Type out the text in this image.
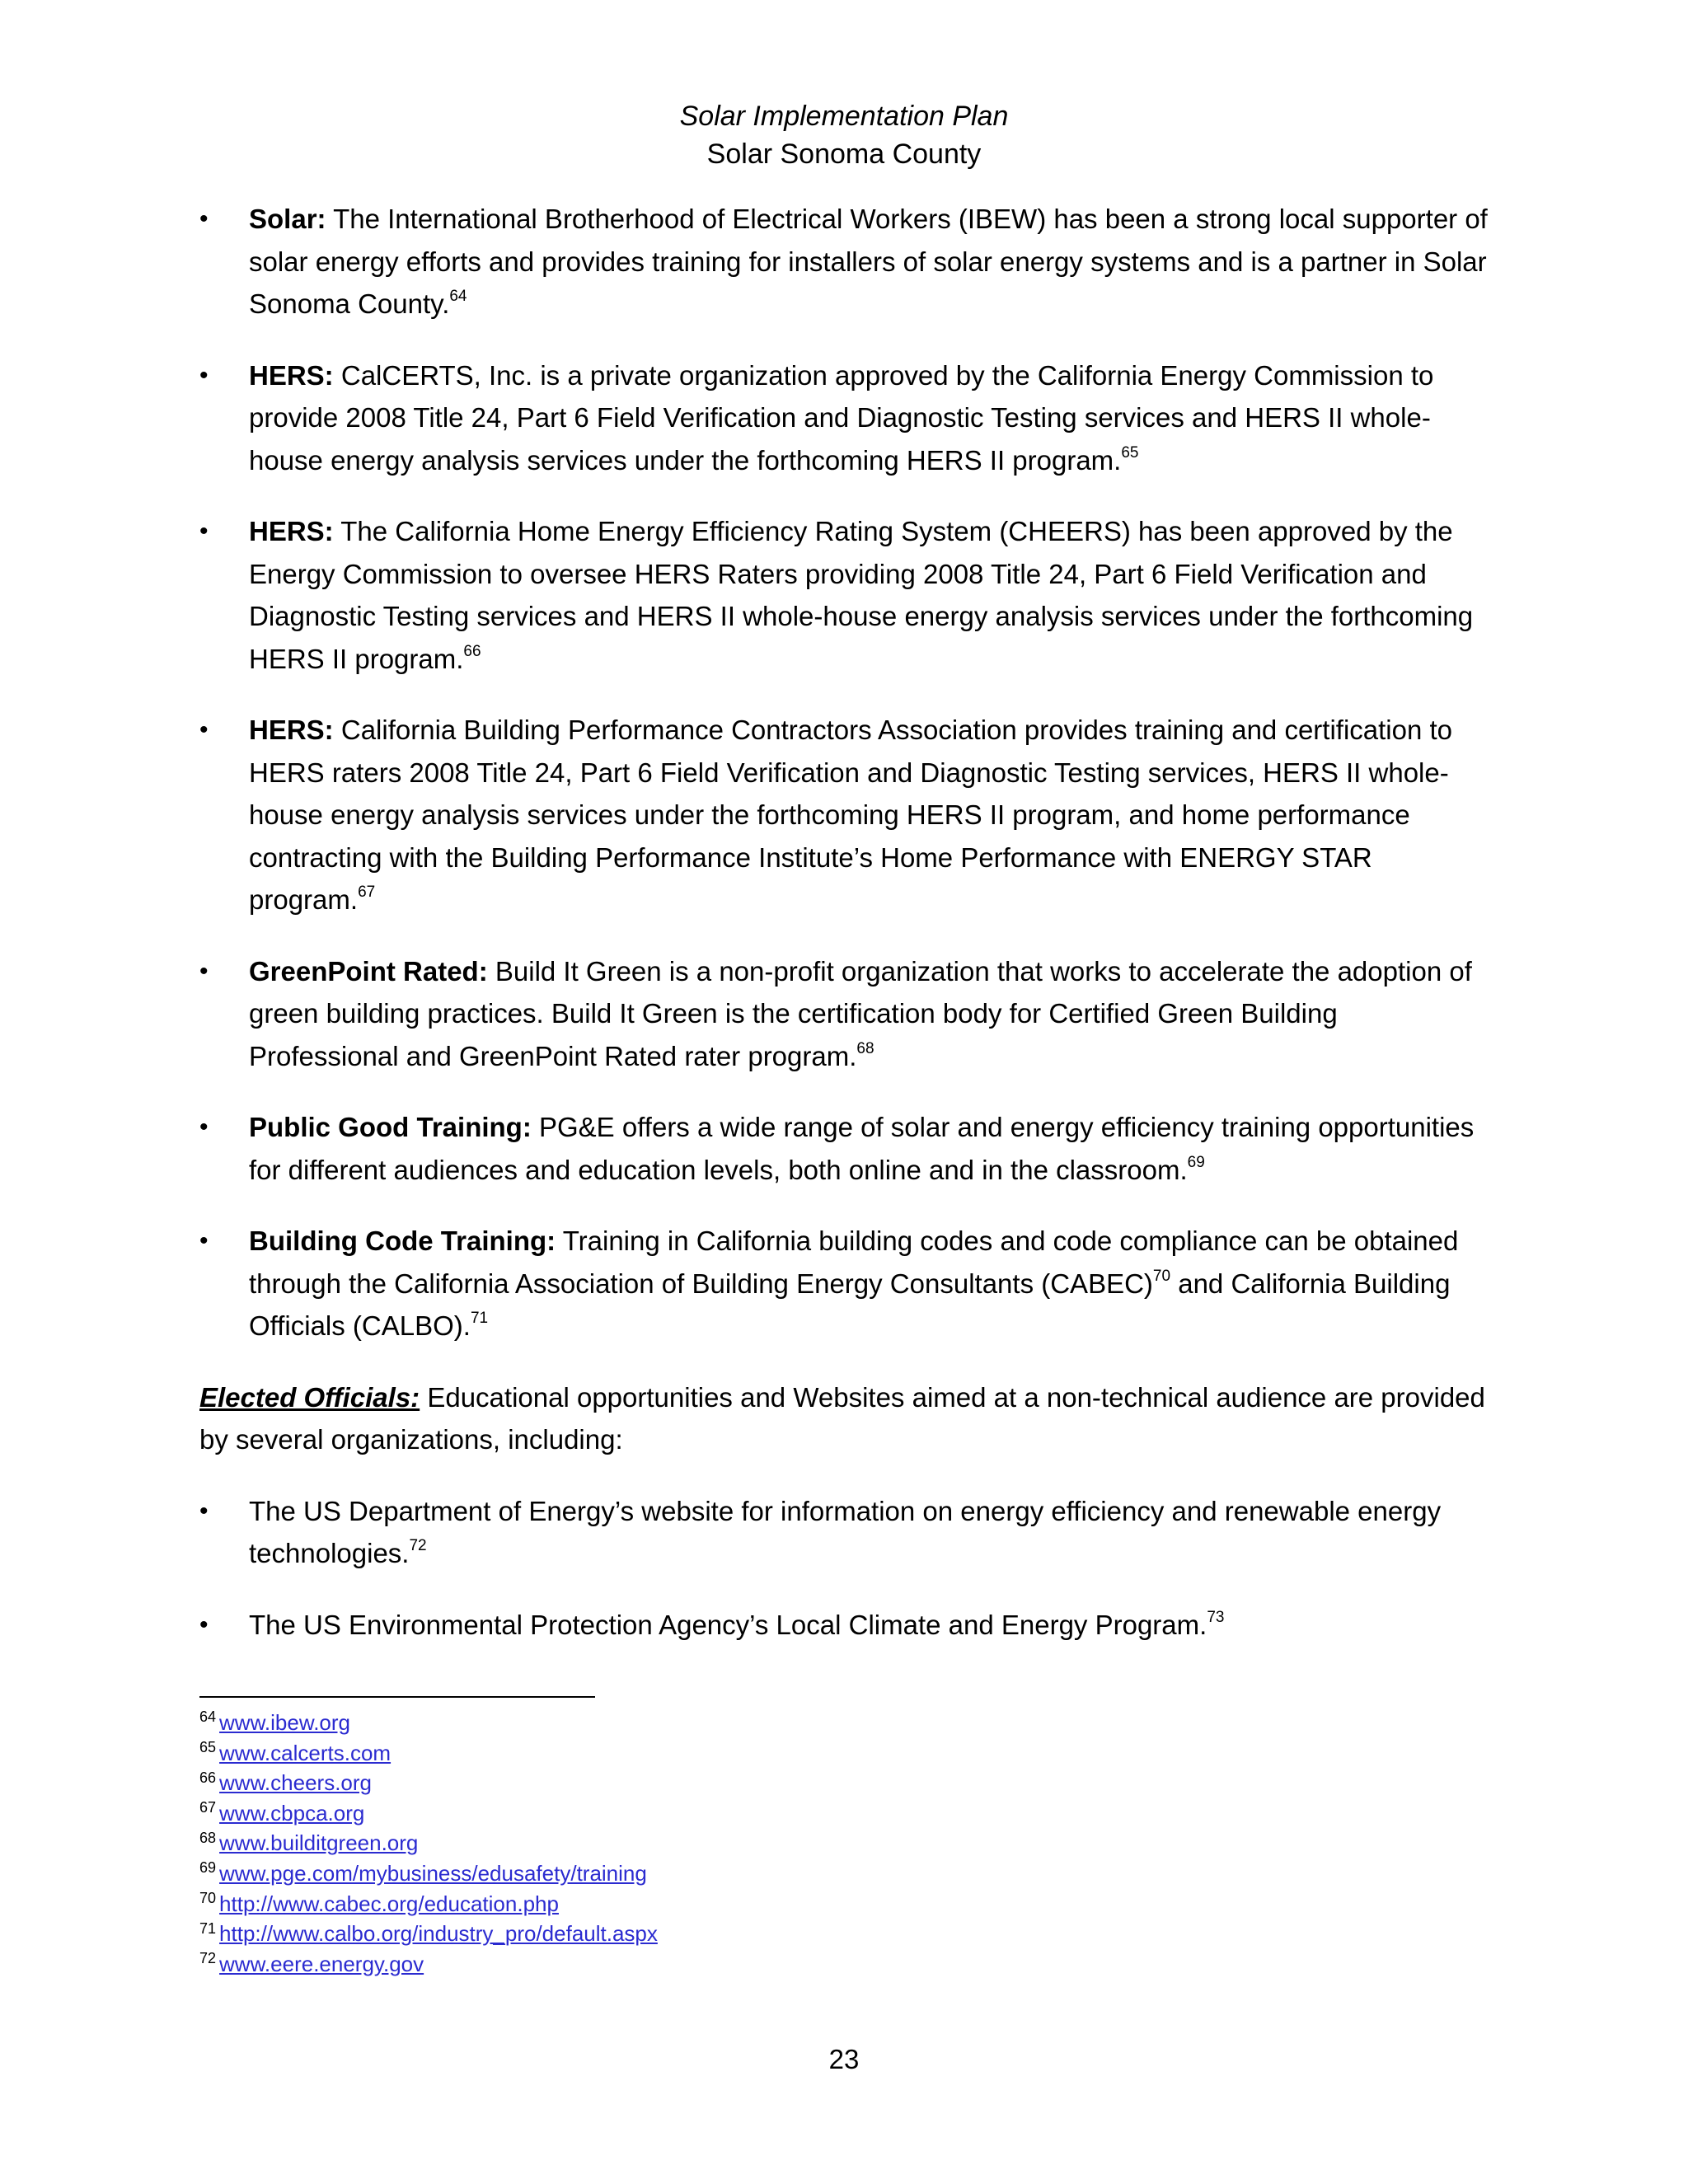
Solar Implementation Plan
Solar Sonoma County
•	Solar: The International Brotherhood of Electrical Workers (IBEW) has been a strong local supporter of solar energy efforts and provides training for installers of solar energy systems and is a partner in Solar Sonoma County.$^{64}$
•	HERS: CalCERTS, Inc. is a private organization approved by the California Energy Commission to provide 2008 Title 24, Part 6 Field Verification and Diagnostic Testing services and HERS II whole-house energy analysis services under the forthcoming HERS II program.$^{65}$
•	HERS: The California Home Energy Efficiency Rating System (CHEERS) has been approved by the Energy Commission to oversee HERS Raters providing 2008 Title 24, Part 6 Field Verification and Diagnostic Testing services and HERS II whole-house energy analysis services under the forthcoming HERS II program.$^{66}$
•	HERS: California Building Performance Contractors Association provides training and certification to HERS raters 2008 Title 24, Part 6 Field Verification and Diagnostic Testing services, HERS II whole-house energy analysis services under the forthcoming HERS II program, and home performance contracting with the Building Performance Institute’s Home Performance with ENERGY STAR program.$^{67}$
•	GreenPoint Rated: Build It Green is a non-profit organization that works to accelerate the adoption of green building practices. Build It Green is the certification body for Certified Green Building Professional and GreenPoint Rated rater program.$^{68}$
•	Public Good Training: PG&E offers a wide range of solar and energy efficiency training opportunities for different audiences and education levels, both online and in the classroom.$^{69}$
•	Building Code Training: Training in California building codes and code compliance can be obtained through the California Association of Building Energy Consultants (CABEC)$^{70}$ and California Building Officials (CALBO).$^{71}$

Elected Officials: Educational opportunities and Websites aimed at a non-technical audience are provided by several organizations, including:

•	The US Department of Energy’s website for information on energy efficiency and renewable energy technologies.$^{72}$
•	The US Environmental Protection Agency’s Local Climate and Energy Program.$^{73}$
$^{64}$ www.ibew.org
$^{65}$ www.calcerts.com
$^{66}$ www.cheers.org
$^{67}$ www.cbpca.org
$^{68}$ www.builditgreen.org
$^{69}$ www.pge.com/mybusiness/edusafety/training
$^{70}$ http://www.cabec.org/education.php
$^{71}$ http://www.calbo.org/industry_pro/default.aspx
$^{72}$ www.eere.energy.gov
23
